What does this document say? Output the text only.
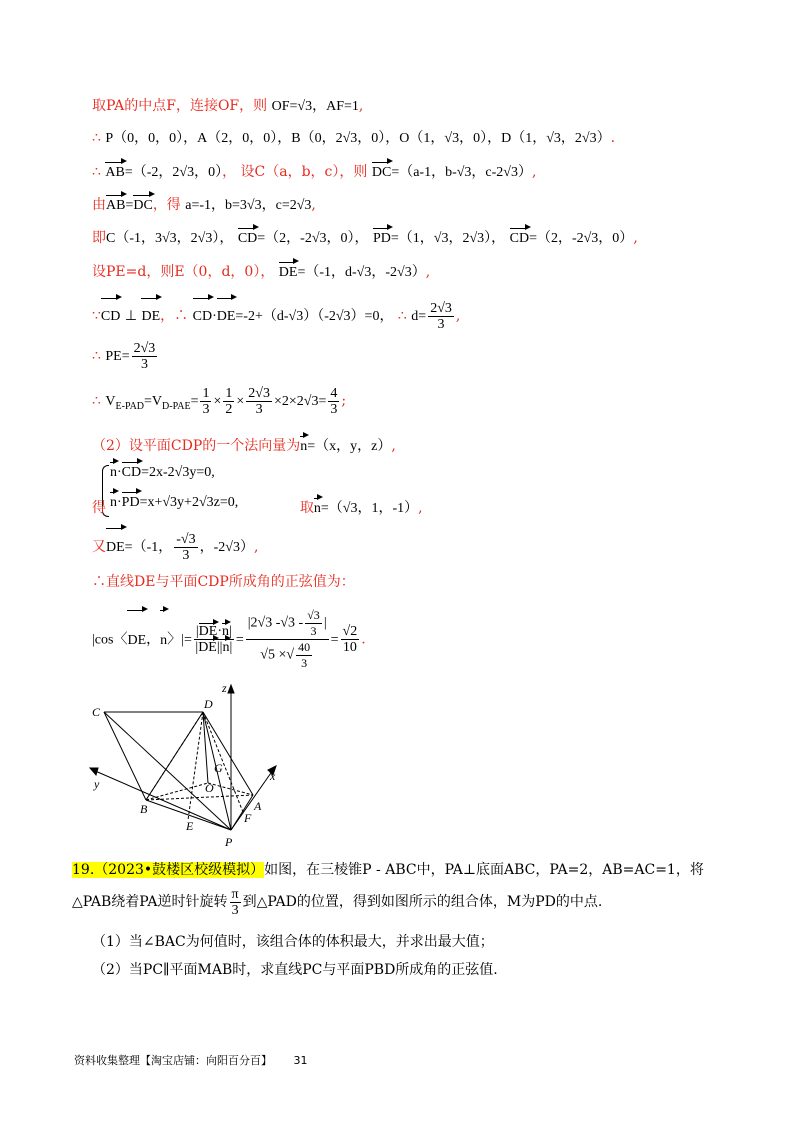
取PA的中点F，连接OF，则 OF=√3，AF=1,
∴ P（0，0，0），A（2，0，0），B（0，2√3，0），O（1，√3，0），D（1，√3，2√3）.
∴ AB=（-2，2√3，0）， 设C（a，b，c），则 DC=（a-1，b-√3，c-2√3）,
由AB=DC，得 a=-1，b=3√3，c=2√3,
即C（-1，3√3，2√3）， CD=（2，-2√3，0）， PD=（1，√3，2√3）， CD=（2，-2√3，0）,
设PE=d，则E（0，d，0）， DE=（-1，d-√3，-2√3）,
∵CD ⊥ DE，∴ CD·DE=-2+（d-√3）（-2√3）=0， ∴ $d= \frac{2√3}{3}$ ,
∴ $PE= \frac{2√3}{3}$
∴ $V_{E-PAD}=V_{D-PAE}= \frac{1}{3} \times \frac{1}{2} \times \frac{2√3}{3} \times 2\times 2√3= \frac{4}{3}$ ;
（2）设平面CDP的一个法向量为n=（x，y，z）,
n·CD=2x-2√3y=0,
n·PD=x+√3y+2√3z=0,
得	取n=（√3，1，-1）,
又DE=（-1， $\frac{-√3}{3}$ ，-2√3）,
∴直线DE与平面CDP所成角的正弦值为：
|cos〈DE，n〉|= $\frac{|DE\cdot n|}{|DE||n|} = \frac{|2√3 -√3 - \frac{√3}{3} |}{√5 \times√ \frac{40}{3}} = \frac{√2}{10}$ .
C
D
z
G
x
y	O
B	A
E
F
P
19.（2023•鼓楼区校级模拟）如图，在三棱锥P - ABC中，PA⊥底面ABC，PA=2，AB=AC=1，将
△PAB绕着PA逆时针旋转 $\frac{\pi}{3}$ 到△PAD的位置，得到如图所示的组合体，M为PD的中点.
（1）当∠BAC为何值时，该组合体的体积最大，并求出最大值；
（2）当PC∥平面MAB时，求直线PC与平面PBD所成角的正弦值.
资料收集整理【淘宝店铺：向阳百分百】 31
